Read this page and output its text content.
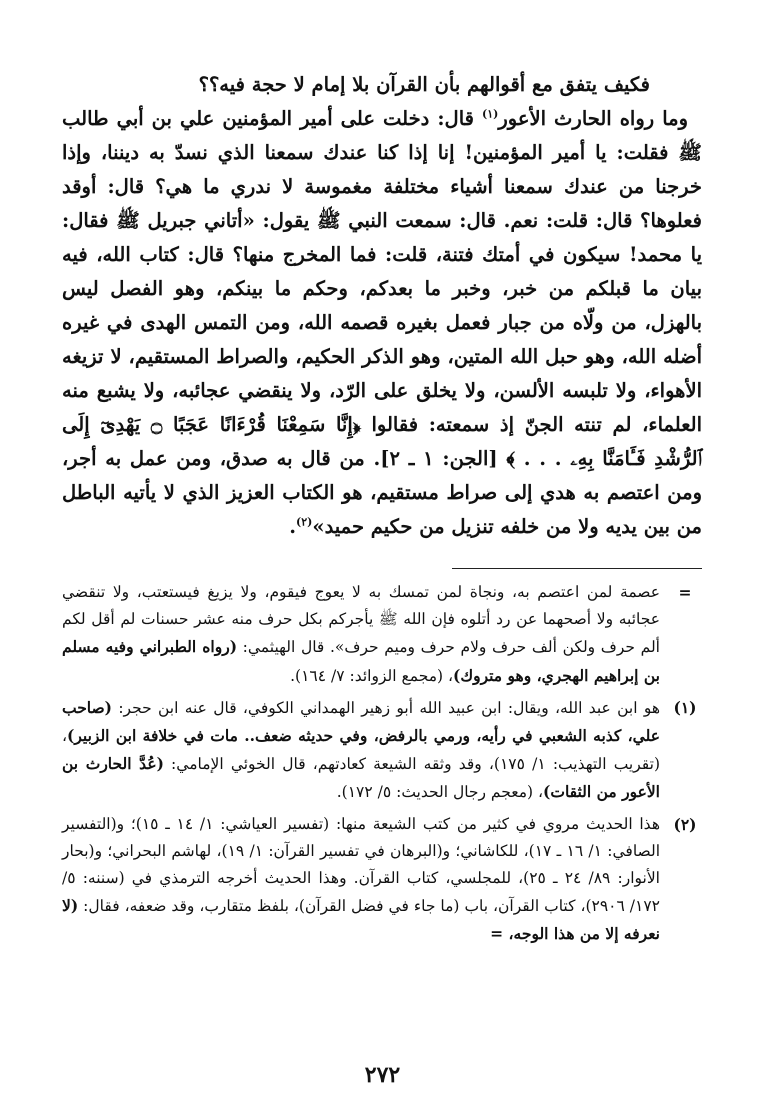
فكيف يتفق مع أقوالهم بأن القرآن بلا إمام لا حجة فيه؟؟

وما رواه الحارث الأعور$^{(١)}$ قال: دخلت على أمير المؤمنين علي بن أبي طالب ﷺ فقلت: يا أمير المؤمنين! إنا إذا كنا عندك سمعنا الذي نسدّ به ديننا، وإذا خرجنا من عندك سمعنا أشياء مختلفة مغموسة لا ندري ما هي؟ قال: أوقد فعلوها؟ قال: قلت: نعم. قال: سمعت النبي ﷺ يقول: «أتاني جبريل ﷺ فقال: يا محمد! سيكون في أمتك فتنة، قلت: فما المخرج منها؟ قال: كتاب الله، فيه بيان ما قبلكم من خبر، وخبر ما بعدكم، وحكم ما بينكم، وهو الفصل ليس بالهزل، من ولّاه من جبار فعمل بغيره قصمه الله، ومن التمس الهدى في غيره أضله الله، وهو حبل الله المتين، وهو الذكر الحكيم، والصراط المستقيم، لا تزيغه الأهواء، ولا تلبسه الألسن، ولا يخلق على الرّد، ولا ينقضي عجائبه، ولا يشبع منه العلماء، لم تنته الجنّ إذ سمعته: فقالوا ﴿إِنَّا سَمِعْنَا قُرْءَانًا عَجَبًا ۝ يَهْدِىٓ إِلَى ٱلرُّشْدِ فَـَٔامَنَّا بِهِۦ . . . ﴾ [الجن: ١ ـ ٢]. من قال به صدق، ومن عمل به أجر، ومن اعتصم به هدي إلى صراط مستقيم، هو الكتاب العزيز الذي لا يأتيه الباطل من بين يديه ولا من خلفه تنزيل من حكيم حميد»$^{(٢)}$.

=
عصمة لمن اعتصم به، ونجاة لمن تمسك به لا يعوج فيقوم، ولا يزيغ فيستعتب، ولا تنقضي عجائبه ولا أصحهما عن رد أتلوه فإن الله ﷺ يأجركم بكل حرف منه عشر حسنات لم أقل لكم ألم حرف ولكن ألف حرف ولام حرف وميم حرف». قال الهيثمي: (رواه الطبراني وفيه مسلم بن إبراهيم الهجري، وهو متروك)، (مجمع الزوائد: ٧/ ١٦٤).
(١)
هو ابن عبد الله، ويقال: ابن عبيد الله أبو زهير الهمداني الكوفي، قال عنه ابن حجر: (صاحب علي، كذبه الشعبي في رأيه، ورمي بالرفض، وفي حديثه ضعف.. مات في خلافة ابن الزبير)، (تقريب التهذيب: ١/ ١٧٥)، وقد وثقه الشيعة كعادتهم، قال الخوئي الإمامي: (عُدَّ الحارث بن الأعور من الثقات)، (معجم رجال الحديث: ٥/ ١٧٢).
(٢)
هذا الحديث مروي في كثير من كتب الشيعة منها: (تفسير العياشي: ١/ ١٤ ـ ١٥)؛ و(التفسير الصافي: ١/ ١٦ ـ ١٧)، للكاشاني؛ و(البرهان في تفسير القرآن: ١/ ١٩)، لهاشم البحراني؛ و(بحار الأنوار: ٨٩/ ٢٤ ـ ٢٥)، للمجلسي، كتاب القرآن. وهذا الحديث أخرجه الترمذي في (سننه: ٥/ ١٧٢/ ٢٩٠٦)، كتاب القرآن، باب (ما جاء في فضل القرآن)، بلفظ متقارب، وقد ضعفه، فقال: (لا نعرفه إلا من هذا الوجه، =
٢٧٢
